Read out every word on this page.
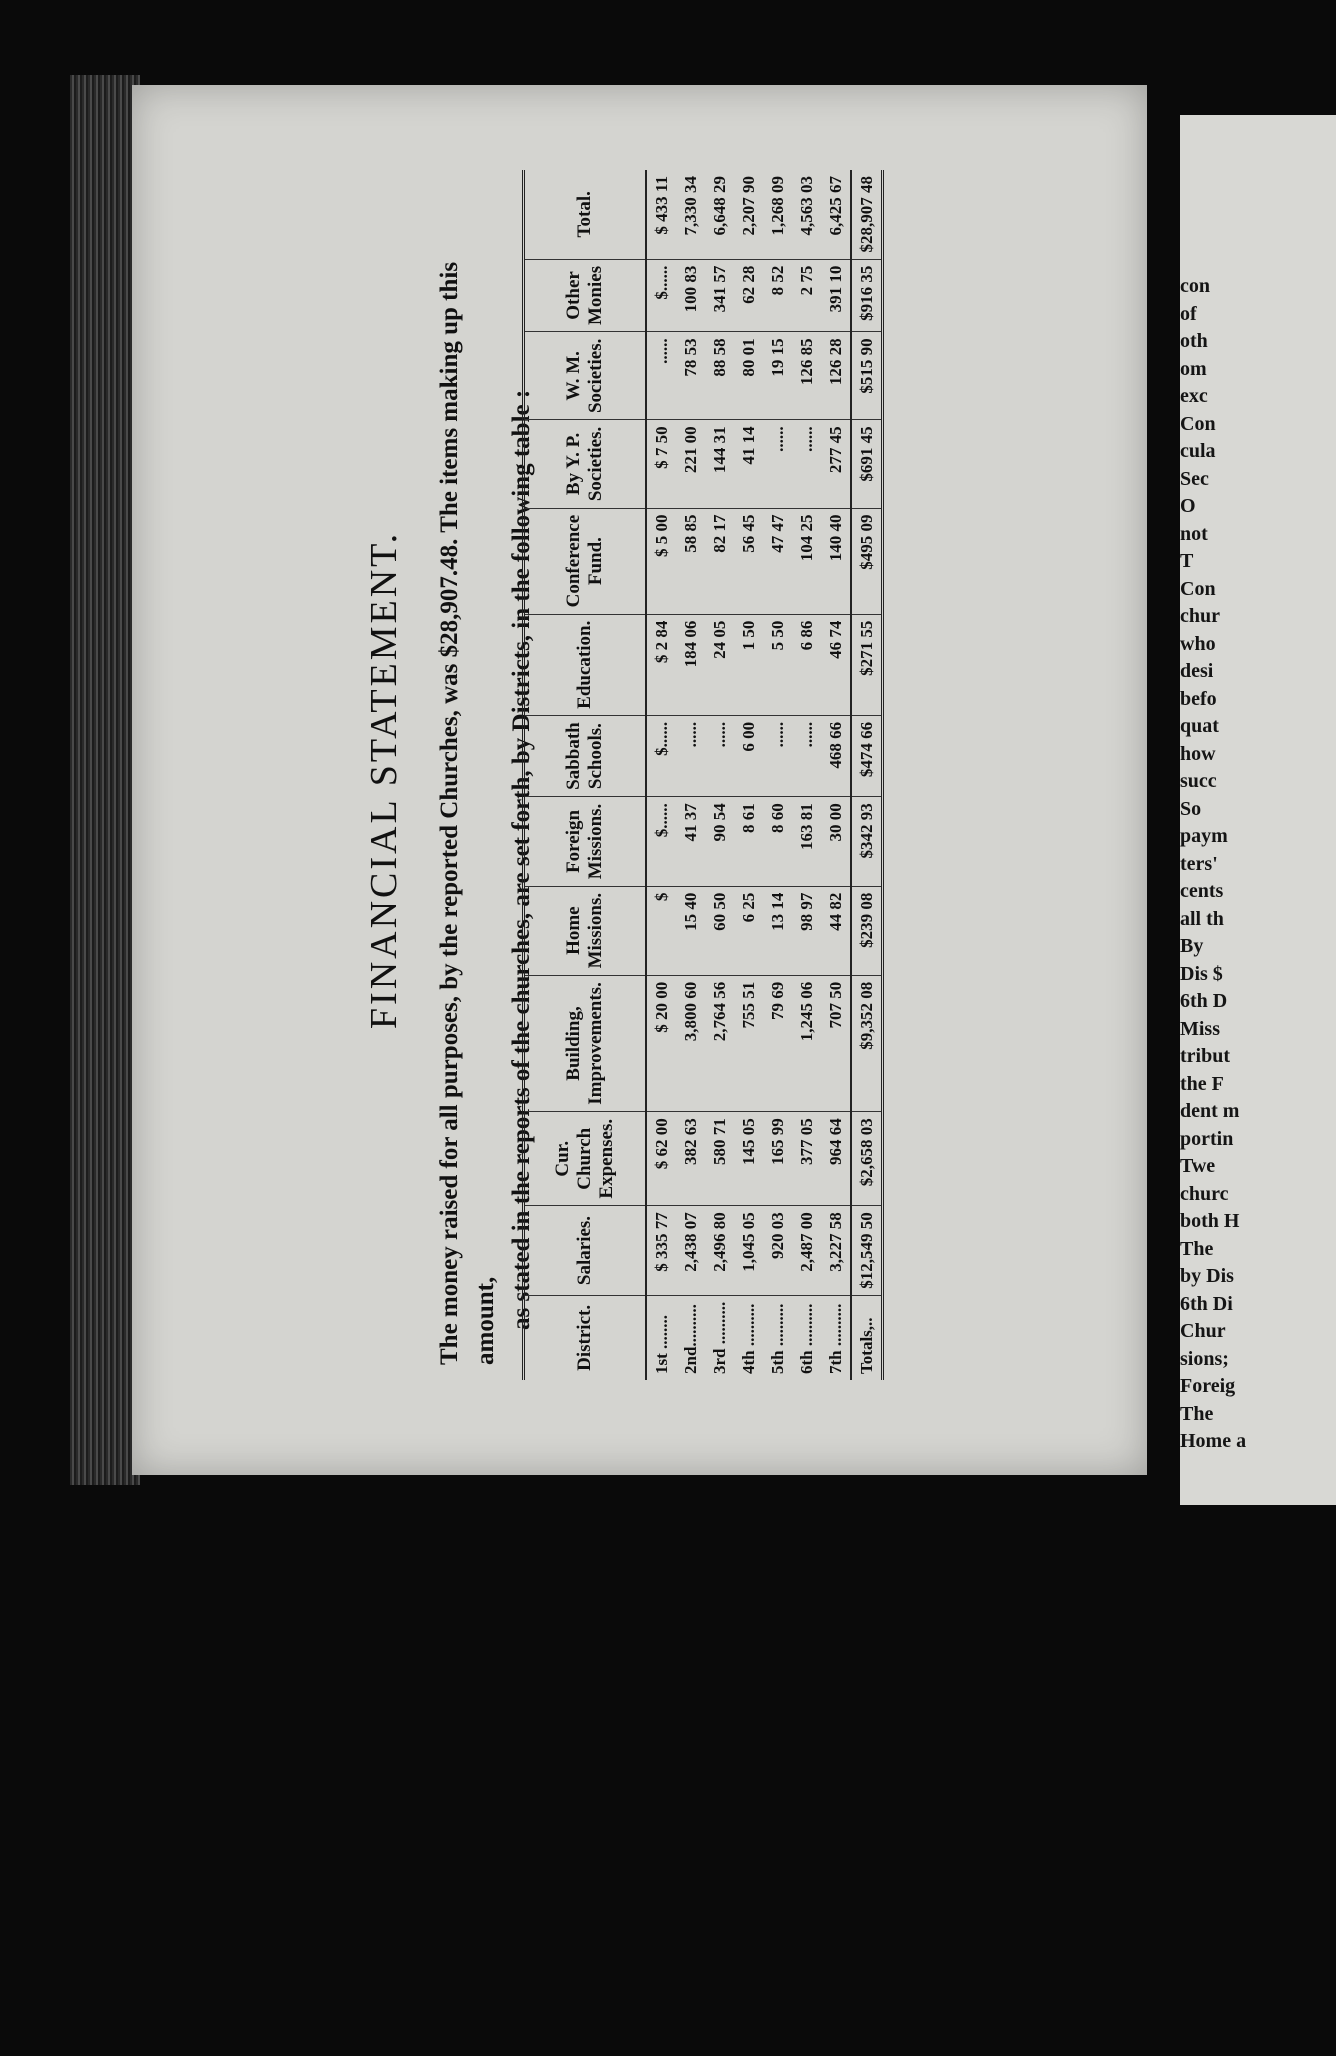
FINANCIAL STATEMENT. The money raised for all purposes, by the reported Churches, was $28,907.48. The items making up this amount, as stated in the reports of the churches, are set forth, by Districts, in the following table :
District.	Salaries.	Cur. Church Expenses.	Building, Improvements.	Home Missions.	Foreign Missions.	Sabbath Schools.	Education.	Conference Fund.	By Y. P. Societies.	W. M. Societies.	Other Monies	Total.
1st ........	$ 335 77	$ 62 00	$ 20 00	$	$......	$......	$ 2 84	$ 5 00	$ 7 50	......	$......	$ 433 11
2nd..........	2,438 07	382 63	3,800 60	15 40	41 37	......	184 06	58 85	221 00	78 53	100 83	7,330 34
3rd ..........	2,496 80	580 71	2,764 56	60 50	90 54	......	24 05	82 17	144 31	88 58	341 57	6,648 29
4th ..........	1,045 05	145 05	755 51	6 25	8 61	6 00	1 50	56 45	41 14	80 01	62 28	2,207 90
5th ..........	920 03	165 99	79 69	13 14	8 60	......	5 50	47 47	......	19 15	8 52	1,268 09
6th ..........	2,487 00	377 05	1,245 06	98 97	163 81	......	6 86	104 25	......	126 85	2 75	4,563 03
7th ..........	3,227 58	964 64	707 50	44 82	30 00	468 66	46 74	140 40	277 45	126 28	391 10	6,425 67
Totals,..	$12,549 50	$2,658 03	$9,352 08	$239 08	$342 93	$474 66	$271 55	$495 09	$691 45	$515 90	$916 35	$28,907 48
con
of
oth
om
exc
Con
cula
Sec
O
not
T
Con
chur
who
desi
befo
quat
how
succ
So
paym
ters'
cents
all th
By
Dis $
6th D
Miss
tribut
the F
dent m
portin
Twe
churc
both H
The
by Dis
6th Di
Chur
sions;
Foreig
The
Home a
